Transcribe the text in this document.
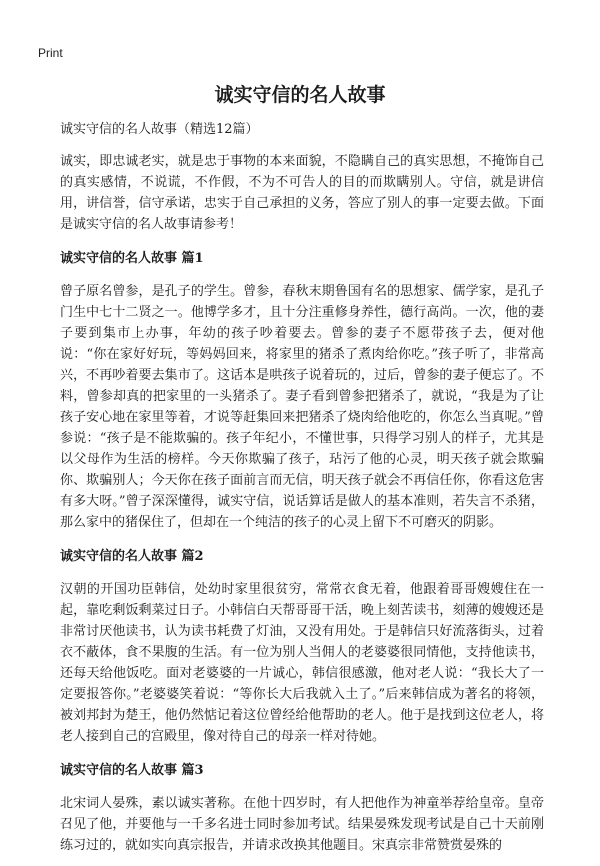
Print
诚实守信的名人故事
诚实守信的名人故事（精选12篇）

诚实，即忠诚老实，就是忠于事物的本来面貌，不隐瞒自己的真实思想，不掩饰自己的真实感情，不说谎，不作假，不为不可告人的目的而欺瞒别人。守信，就是讲信用，讲信誉，信守承诺，忠实于自己承担的义务，答应了别人的事一定要去做。下面是诚实守信的名人故事请参考！

诚实守信的名人故事 篇1

曾子原名曾参，是孔子的学生。曾参，春秋末期鲁国有名的思想家、儒学家，是孔子门生中七十二贤之一。他博学多才，且十分注重修身养性，德行高尚。一次，他的妻子要到集市上办事，年幼的孩子吵着要去。曾参的妻子不愿带孩子去，便对他说：“你在家好好玩，等妈妈回来，将家里的猪杀了煮肉给你吃。”孩子听了，非常高兴，不再吵着要去集市了。这话本是哄孩子说着玩的，过后，曾参的妻子便忘了。不料，曾参却真的把家里的一头猪杀了。妻子看到曾参把猪杀了，就说，“我是为了让孩子安心地在家里等着，才说等赶集回来把猪杀了烧肉给他吃的，你怎么当真呢。”曾参说：“孩子是不能欺骗的。孩子年纪小，不懂世事，只得学习别人的样子，尤其是以父母作为生活的榜样。今天你欺骗了孩子，玷污了他的心灵，明天孩子就会欺骗你、欺骗别人；今天你在孩子面前言而无信，明天孩子就会不再信任你，你看这危害有多大呀。”曾子深深懂得，诚实守信，说话算话是做人的基本准则，若失言不杀猪，那么家中的猪保住了，但却在一个纯洁的孩子的心灵上留下不可磨灭的阴影。

诚实守信的名人故事 篇2

汉朝的开国功臣韩信，处幼时家里很贫穷，常常衣食无着，他跟着哥哥嫂嫂住在一起，靠吃剩饭剩菜过日子。小韩信白天帮哥哥干活，晚上刻苦读书，刻薄的嫂嫂还是非常讨厌他读书，认为读书耗费了灯油，又没有用处。于是韩信只好流落街头，过着衣不蔽体，食不果腹的生活。有一位为别人当佣人的老婆婆很同情他，支持他读书，还每天给他饭吃。面对老婆婆的一片诚心，韩信很感激，他对老人说：“我长大了一定要报答你。”老婆婆笑着说：“等你长大后我就入土了。”后来韩信成为著名的将领，被刘邦封为楚王，他仍然惦记着这位曾经给他帮助的老人。他于是找到这位老人，将老人接到自己的宫殿里，像对待自己的母亲一样对待她。

诚实守信的名人故事 篇3

北宋词人晏殊，素以诚实著称。在他十四岁时，有人把他作为神童举荐给皇帝。皇帝召见了他，并要他与一千多名进士同时参加考试。结果晏殊发现考试是自己十天前刚练习过的，就如实向真宗报告，并请求改换其他题目。宋真宗非常赞赏晏殊的
